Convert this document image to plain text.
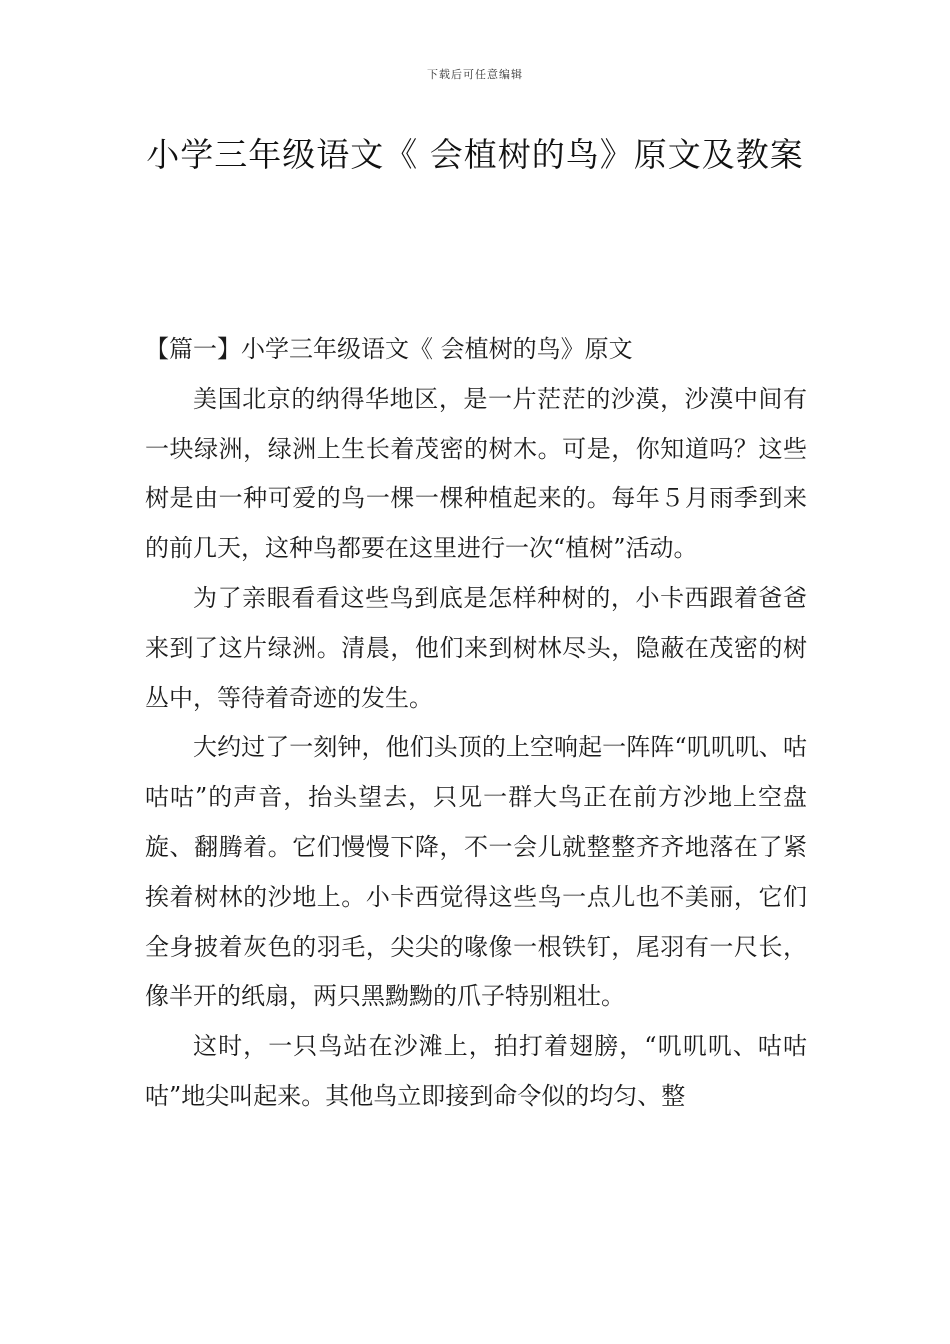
下载后可任意编辑
小学三年级语文《 会植树的鸟》原文及教案

【篇一】小学三年级语文《 会植树的鸟》原文

美国北京的纳得华地区，是一片茫茫的沙漠，沙漠中间有一块绿洲，绿洲上生长着茂密的树木。可是，你知道吗？这些树是由一种可爱的鸟一棵一棵种植起来的。每年５月雨季到来的前几天，这种鸟都要在这里进行一次“植树”活动。

为了亲眼看看这些鸟到底是怎样种树的，小卡西跟着爸爸来到了这片绿洲。清晨，他们来到树林尽头，隐蔽在茂密的树丛中，等待着奇迹的发生。

大约过了一刻钟，他们头顶的上空响起一阵阵“叽叽叽、咕咕咕”的声音，抬头望去，只见一群大鸟正在前方沙地上空盘旋、翻腾着。它们慢慢下降，不一会儿就整整齐齐地落在了紧挨着树林的沙地上。小卡西觉得这些鸟一点儿也不美丽，它们全身披着灰色的羽毛，尖尖的喙像一根铁钉，尾羽有一尺长，像半开的纸扇，两只黑黝黝的爪子特别粗壮。

这时，一只鸟站在沙滩上，拍打着翅膀，“叽叽叽、咕咕咕”地尖叫起来。其他鸟立即接到命令似的均匀、整
